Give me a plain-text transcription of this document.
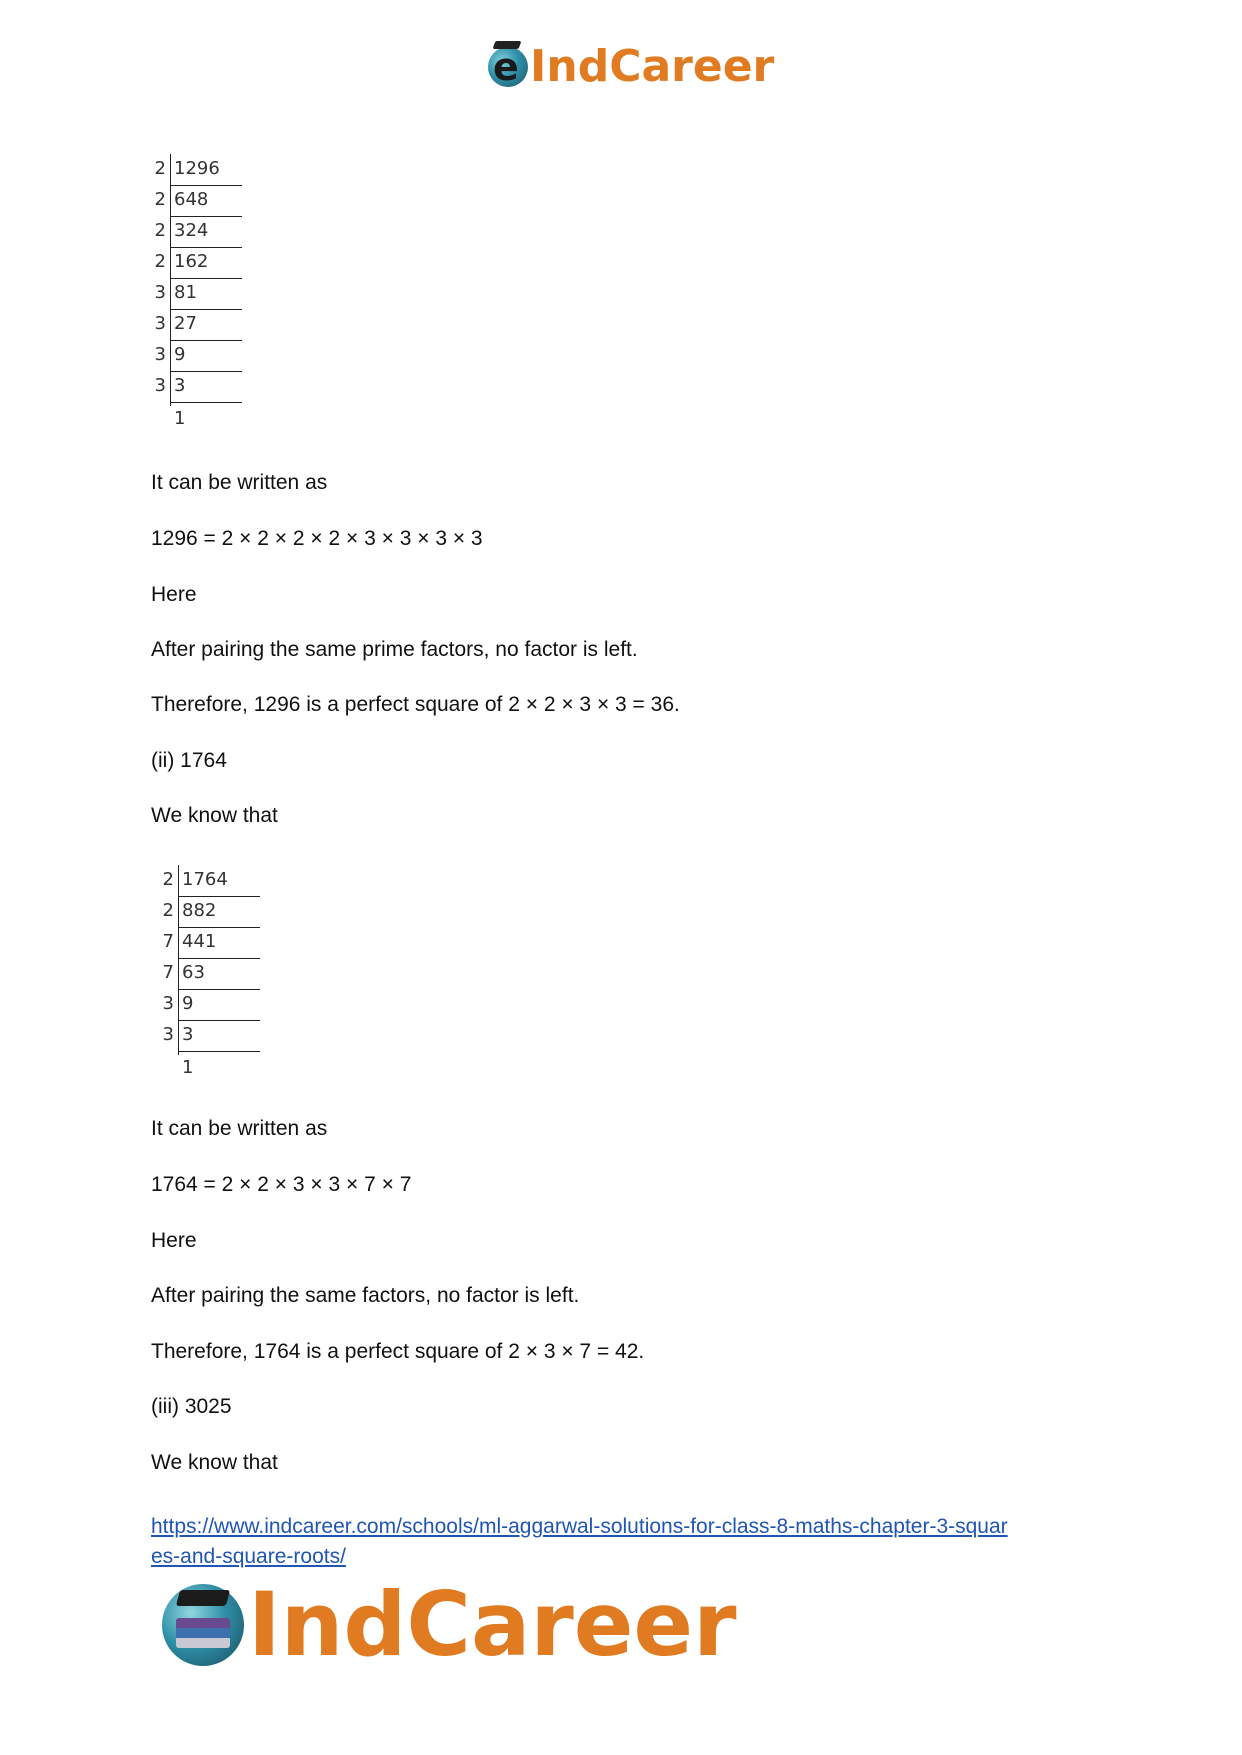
e IndCareer
2 1296
2 648
2 324
2 162
3 81
3 27
3 9
3 3
1
It can be written as
1296 = 2 × 2 × 2 × 2 × 3 × 3 × 3 × 3
Here
After pairing the same prime factors, no factor is left.
Therefore, 1296 is a perfect square of 2 × 2 × 3 × 3 = 36.
(ii) 1764
We know that
2 1764
2 882
7 441
7 63
3 9
3 3
1
It can be written as
1764 = 2 × 2 × 3 × 3 × 7 × 7
Here
After pairing the same factors, no factor is left.
Therefore, 1764 is a perfect square of 2 × 3 × 7 = 42.
(iii) 3025
We know that
https://www.indcareer.com/schools/ml-aggarwal-solutions-for-class-8-maths-chapter-3-squar
es-and-square-roots/
IndCareer
